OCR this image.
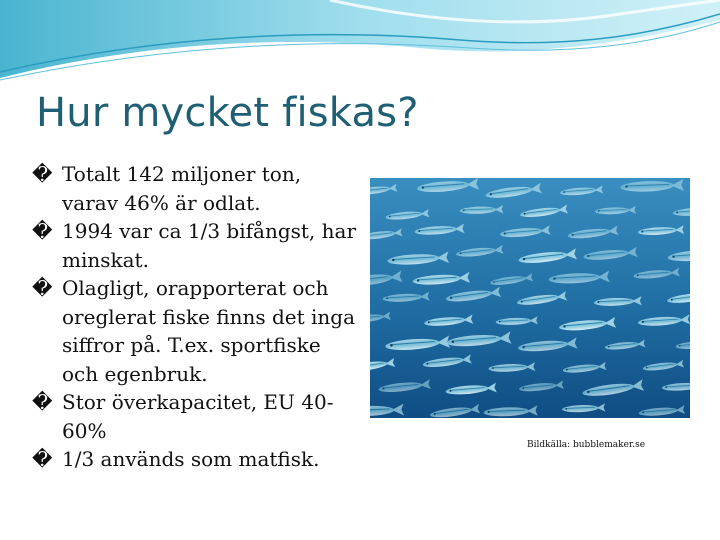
Hur mycket fiskas?
� Totalt 142 miljoner ton, varav 46% är odlat.
� 1994 var ca 1/3 bifångst, har minskat.
� Olagligt, orapporterat och oreglerat fiske finns det inga siffror på. T.ex. sportfiske och egenbruk.
� Stor överkapacitet, EU 40-60%
� 1/3 används som matfisk.
Bildkälla: bubblemaker.se
